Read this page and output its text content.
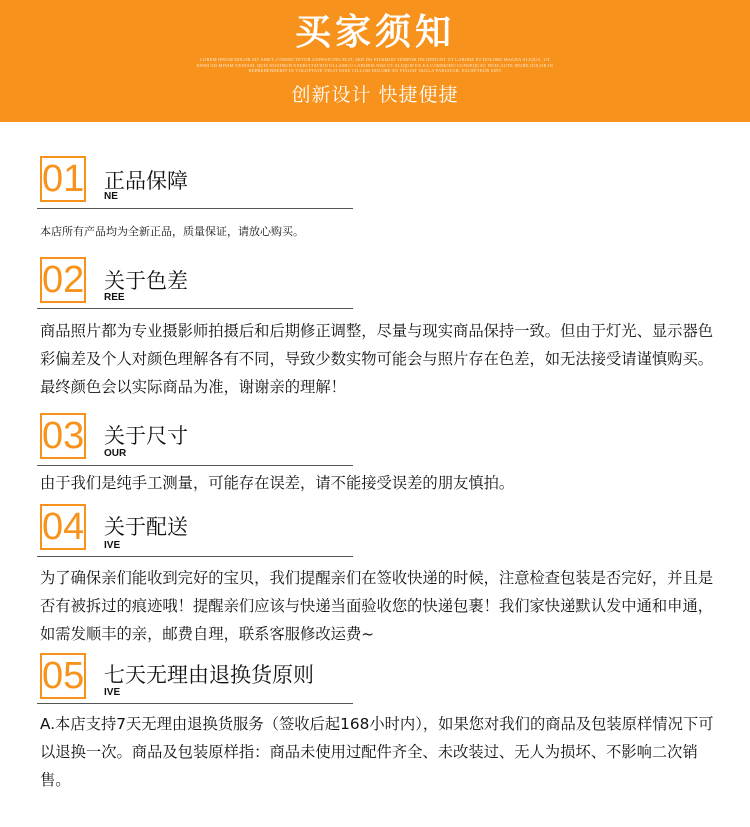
买家须知
LOREM IPSUM DOLOR SIT AMET, CONSECTETUR ADIPISICING ELIT, SED DO EIUSMOD TEMPOR INCIDIDUNT UT LABORE ET DOLORE MAGNA ALIQUA. UT ENIM AD MINIM VENIAM, QUIS NOSTRUD EXERCITATION ULLAMCO LABORIS NISI UT ALIQUIP EX EA COMMODO CONSEQUAT. DUIS AUTE IRURE DOLOR IN REPREHENDERIT IN VOLUPTATE VELIT ESSE CILLUM DOLORE EU FUGIAT NULLA PARIATUR. EXCEPTEUR SINT
创新设计 快捷便捷
01 正品保障
NE
本店所有产品均为全新正品，质量保证，请放心购买。
02 关于色差
REE
商品照片都为专业摄影师拍摄后和后期修正调整，尽量与现实商品保持一致。但由于灯光、显示器色彩偏差及个人对颜色理解各有不同，导致少数实物可能会与照片存在色差，如无法接受请谨慎购买。最终颜色会以实际商品为准，谢谢亲的理解！
03 关于尺寸
OUR
由于我们是纯手工测量，可能存在误差，请不能接受误差的朋友慎拍。
04 关于配送
IVE
为了确保亲们能收到完好的宝贝，我们提醒亲们在签收快递的时候，注意检查包装是否完好，并且是否有被拆过的痕迹哦！提醒亲们应该与快递当面验收您的快递包裹！我们家快递默认发中通和申通，如需发顺丰的亲，邮费自理，联系客服修改运费~
05 七天无理由退换货原则
IVE
A.本店支持7天无理由退换货服务（签收后起168小时内），如果您对我们的商品及包装原样情况下可以退换一次。商品及包装原样指：商品未使用过配件齐全、未改装过、无人为损坏、不影响二次销售。
